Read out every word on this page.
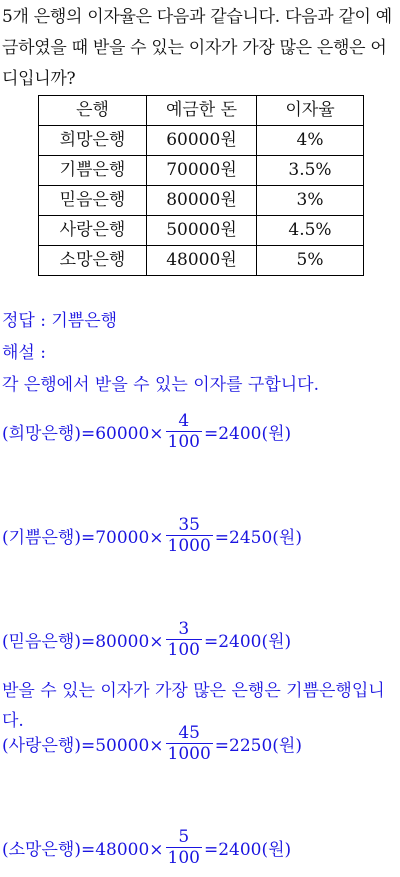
5개 은행의 이자율은 다음과 같습니다. 다음과 같이 예금하였을 때 받을 수 있는 이자가 가장 많은 은행은 어디입니까?
은행	예금한 돈	이자율
희망은행	60000원	4%
기쁨은행	70000원	3.5%
믿음은행	80000원	3%
사랑은행	50000원	4.5%
소망은행	48000원	5%
정답 : 기쁨은행
해설 :
각 은행에서 받을 수 있는 이자를 구합니다.
(희망은행)$=60000\times \frac{4}{100} =2400$(원)
(기쁨은행)$=70000\times \frac{35}{1000} =2450$(원)
(믿음은행)$=80000\times \frac{3}{100} =2400$(원)
(사랑은행)$=50000\times \frac{45}{1000} =2250$(원)
(소망은행)$=48000\times \frac{5}{100} =2400$(원)
받을 수 있는 이자가 가장 많은 은행은 기쁨은행입니다.
